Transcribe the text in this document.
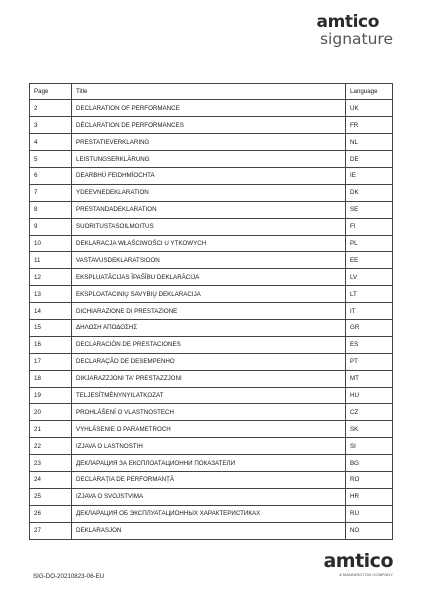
amtico
signature
Page	Title	Language
2	DECLARATION OF PERFORMANCE	UK
3	DÉCLARATION DE PERFORMANCES	FR
4	PRESTATIEVERKLARING	NL
5	LEISTUNGSERKLÄRUNG	DE
6	DEARBHÚ FEIDHMÍOCHTA	IE
7	YDEEVNEDEKLARATION	DK
8	PRESTANDADEKLARATION	SE
9	SUORITUSTASOILMOITUS	FI
10	DEKLARACJA WŁAŚCIWOŚCI U YTKOWYCH	PL
11	VASTAVUSDEKLARATSIOON	EE
12	EKSPLUATĀCIJAS ĪPAŠĪBU DEKLARĀCIJA	LV
13	EKSPLOATACINIŲ SAVYBIŲ DEKLARACIJA	LT
14	DICHIARAZIONE DI PRESTAZIONE	IT
15	ΔΗΛΩΣΗ ΑΠΟΔΟΣΗΣ	GR
16	DECLARACIÓN DE PRESTACIONES	ES
17	DECLARAÇÃO DE DESEMPENHO	PT
18	DIKJARAZZJONI TA' PRESTAZZJONI	MT
19	TELJESÍTMÉNYNYILATKOZAT	HU
20	PROHLÁŠENÍ O VLASTNOSTECH	CZ
21	VYHLÁSENIE O PARAMETROCH	SK
22	IZJAVA O LASTNOSTIH	SI
23	ДЕКЛАРАЦИЯ ЗА ЕКСПЛОАТАЦИОННИ ПОКАЗАТЕЛИ	BG
24	DECLARAȚIA DE PERFORMANȚĂ	RO
25	IZJAVA O SVOJSTVIMA	HR
26	ДЕКЛАРАЦИЯ ОБ ЭКСПЛУАТАЦИОННЫХ ХАРАКТЕРИСТИКАХ	RU
27	DEKLARASJON	NO
SIG-DO-20210823-06-EU
amtico
A MANNINGTON COMPANY
